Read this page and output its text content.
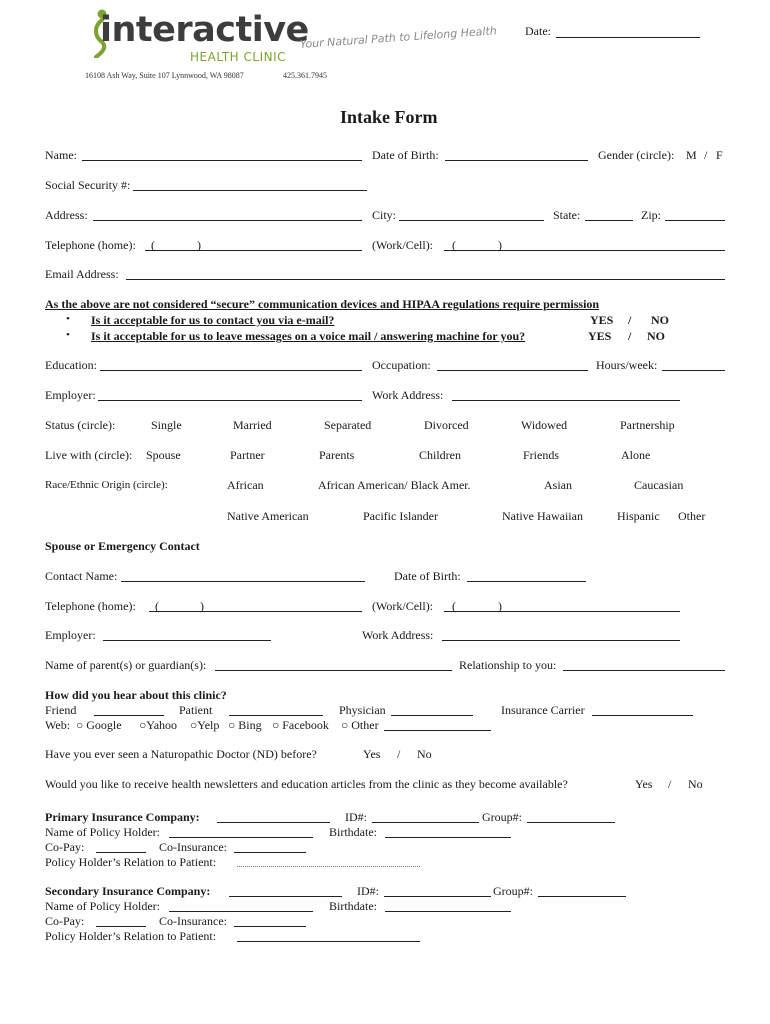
interactive
HEALTH CLINIC
Your Natural Path to Lifelong Health
16108 Ash Way, Suite 107 Lynnwood, WA 98087	425.361.7945
Date:
Intake Form
Name:	Date of Birth:	Gender (circle): M / F
Social Security #:
Address:	City:	State:	Zip:
Telephone (home): (	)	(Work/Cell): (	)
Email Address:
As the above are not considered “secure” communication devices and HIPAA regulations require permission
• Is it acceptable for us to contact you via e-mail?	YES / NO
• Is it acceptable for us to leave messages on a voice mail / answering machine for you?	YES / NO
Education:	Occupation:	Hours/week:
Employer:	Work Address:
Status (circle):	Single	Married	Separated	Divorced	Widowed	Partnership
Live with (circle): Spouse	Partner	Parents	Children	Friends	Alone
Race/Ethnic Origin (circle):	African	African American/ Black Amer.	Asian	Caucasian
Native American	Pacific Islander	Native Hawaiian	Hispanic Other
Spouse or Emergency Contact
Contact Name:	Date of Birth:
Telephone (home): (	)	(Work/Cell): (	)
Employer:	Work Address:
Name of parent(s) or guardian(s):	Relationship to you:
How did you hear about this clinic?
Friend	Patient	Physician	Insurance Carrier
Web: ○ Google ○Yahoo ○Yelp ○ Bing ○ Facebook ○ Other
Have you ever seen a Naturopathic Doctor (ND) before?	Yes / No
Would you like to receive health newsletters and education articles from the clinic as they become available?	Yes / No
Primary Insurance Company:	ID#:	Group#:
Name of Policy Holder:	Birthdate:
Co-Pay:	Co-Insurance:
Policy Holder’s Relation to Patient:
Secondary Insurance Company:	ID#:	Group#:
Name of Policy Holder:	Birthdate:
Co-Pay:	Co-Insurance:
Policy Holder’s Relation to Patient:
